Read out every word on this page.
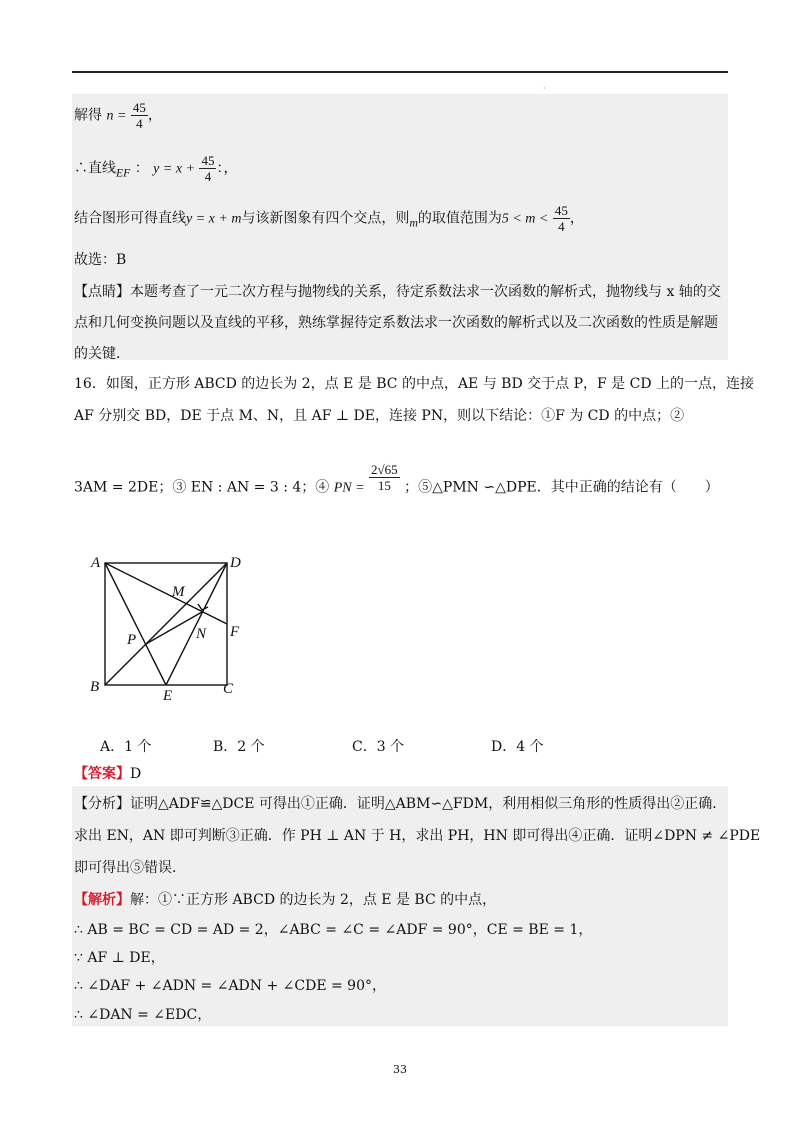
·
解得 $n = \frac{45}{4}$ ，
∴直线$_{EF}$ ： $y = x + \frac{45}{4}$ ：，
结合图形可得直线y = x + m与该新图象有四个交点，则$_m$的取值范围为$5 < m < \frac{45}{4}$ ，
故选：B
【点睛】本题考查了一元二次方程与抛物线的关系，待定系数法求一次函数的解析式，抛物线与 x 轴的交
点和几何变换问题以及直线的平移，熟练掌握待定系数法求一次函数的解析式以及二次函数的性质是解题
的关键．
16．如图，正方形 ABCD 的边长为 2，点 E 是 BC 的中点，AE 与 BD 交于点 P，F 是 CD 上的一点，连接
AF 分别交 BD，DE 于点 M、N，且 AF ⊥ DE，连接 PN，则以下结论：①F 为 CD 的中点；②
3AM = 2DE；③ EN : AN = 3 : 4；④ PN = $\frac{2√65}{15}$ ；⑤△PMN ∽△DPE．其中正确的结论有（　　）
A	D
M
N F
P
B
E	C
A．1 个	B．2 个	C．3 个	D．4 个
【答案】D
【分析】证明△ADF≌△DCE 可得出①正确．证明△ABM∽△FDM，利用相似三角形的性质得出②正确．
求出 EN，AN 即可判断③正确．作 PH ⊥ AN 于 H，求出 PH，HN 即可得出④正确．证明∠DPN ≠ ∠PDE
即可得出⑤错误．
【解析】解：①∵正方形 ABCD 的边长为 2，点 E 是 BC 的中点，
∴ AB = BC = CD = AD = 2，∠ABC = ∠C = ∠ADF = 90°，CE = BE = 1，
∵ AF ⊥ DE，
∴ ∠DAF + ∠ADN = ∠ADN + ∠CDE = 90°，
∴ ∠DAN = ∠EDC，
33
